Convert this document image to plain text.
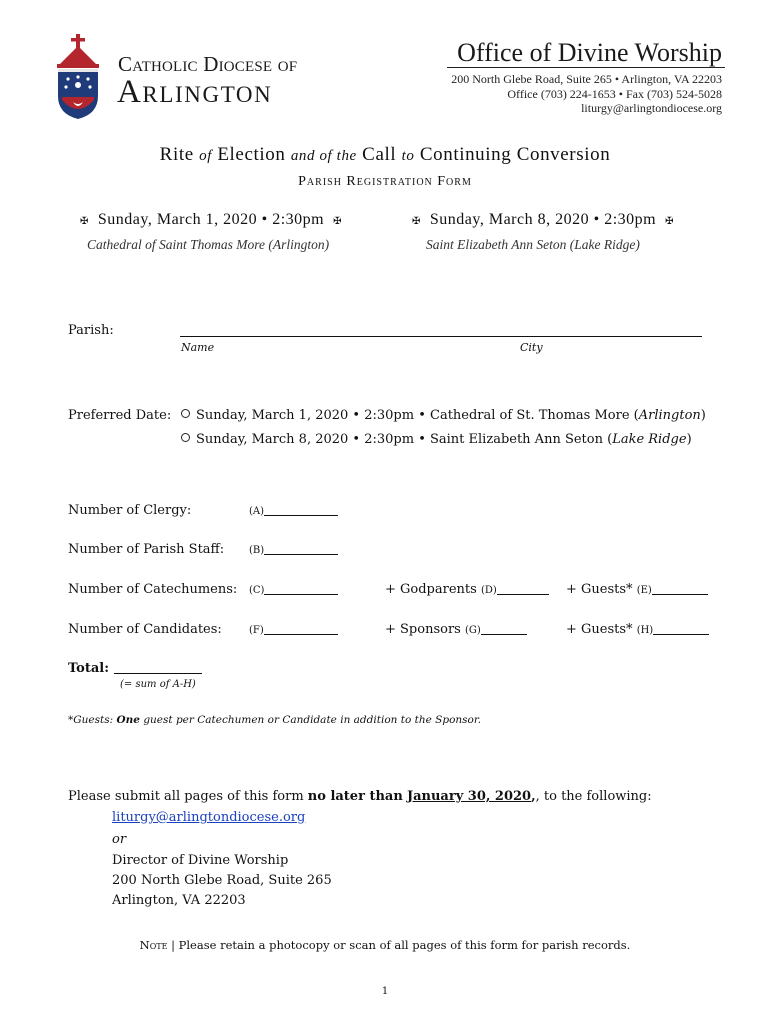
Catholic Diocese of
Arlington
Office of Divine Worship
200 North Glebe Road, Suite 265 • Arlington, VA 22203
Office (703) 224-1653 • Fax (703) 524-5028
liturgy@arlingtondiocese.org
Rite of Election and of the Call to Continuing Conversion
Parish Registration Form
✠ Sunday, March 1, 2020 • 2:30pm ✠
Cathedral of Saint Thomas More (Arlington)
✠ Sunday, March 8, 2020 • 2:30pm ✠
Saint Elizabeth Ann Seton (Lake Ridge)
Parish:
Name	City
Preferred Date:	Sunday, March 1, 2020 • 2:30pm • Cathedral of St. Thomas More (Arlington)
Sunday, March 8, 2020 • 2:30pm • Saint Elizabeth Ann Seton (Lake Ridge)
Number of Clergy:	(A)
Number of Parish Staff: (B)
Number of Catechumens: (C)	+ Godparents (D)	+ Guests* (E)
Number of Candidates:	(F)	+ Sponsors (G)	+ Guests* (H)
Total:
(= sum of A-H)
*Guests: One guest per Catechumen or Candidate in addition to the Sponsor.
Please submit all pages of this form no later than January 30, 2020,, to the following:
liturgy@arlingtondiocese.org
or
Director of Divine Worship
200 North Glebe Road, Suite 265
Arlington, VA 22203
Note | Please retain a photocopy or scan of all pages of this form for parish records.
1
